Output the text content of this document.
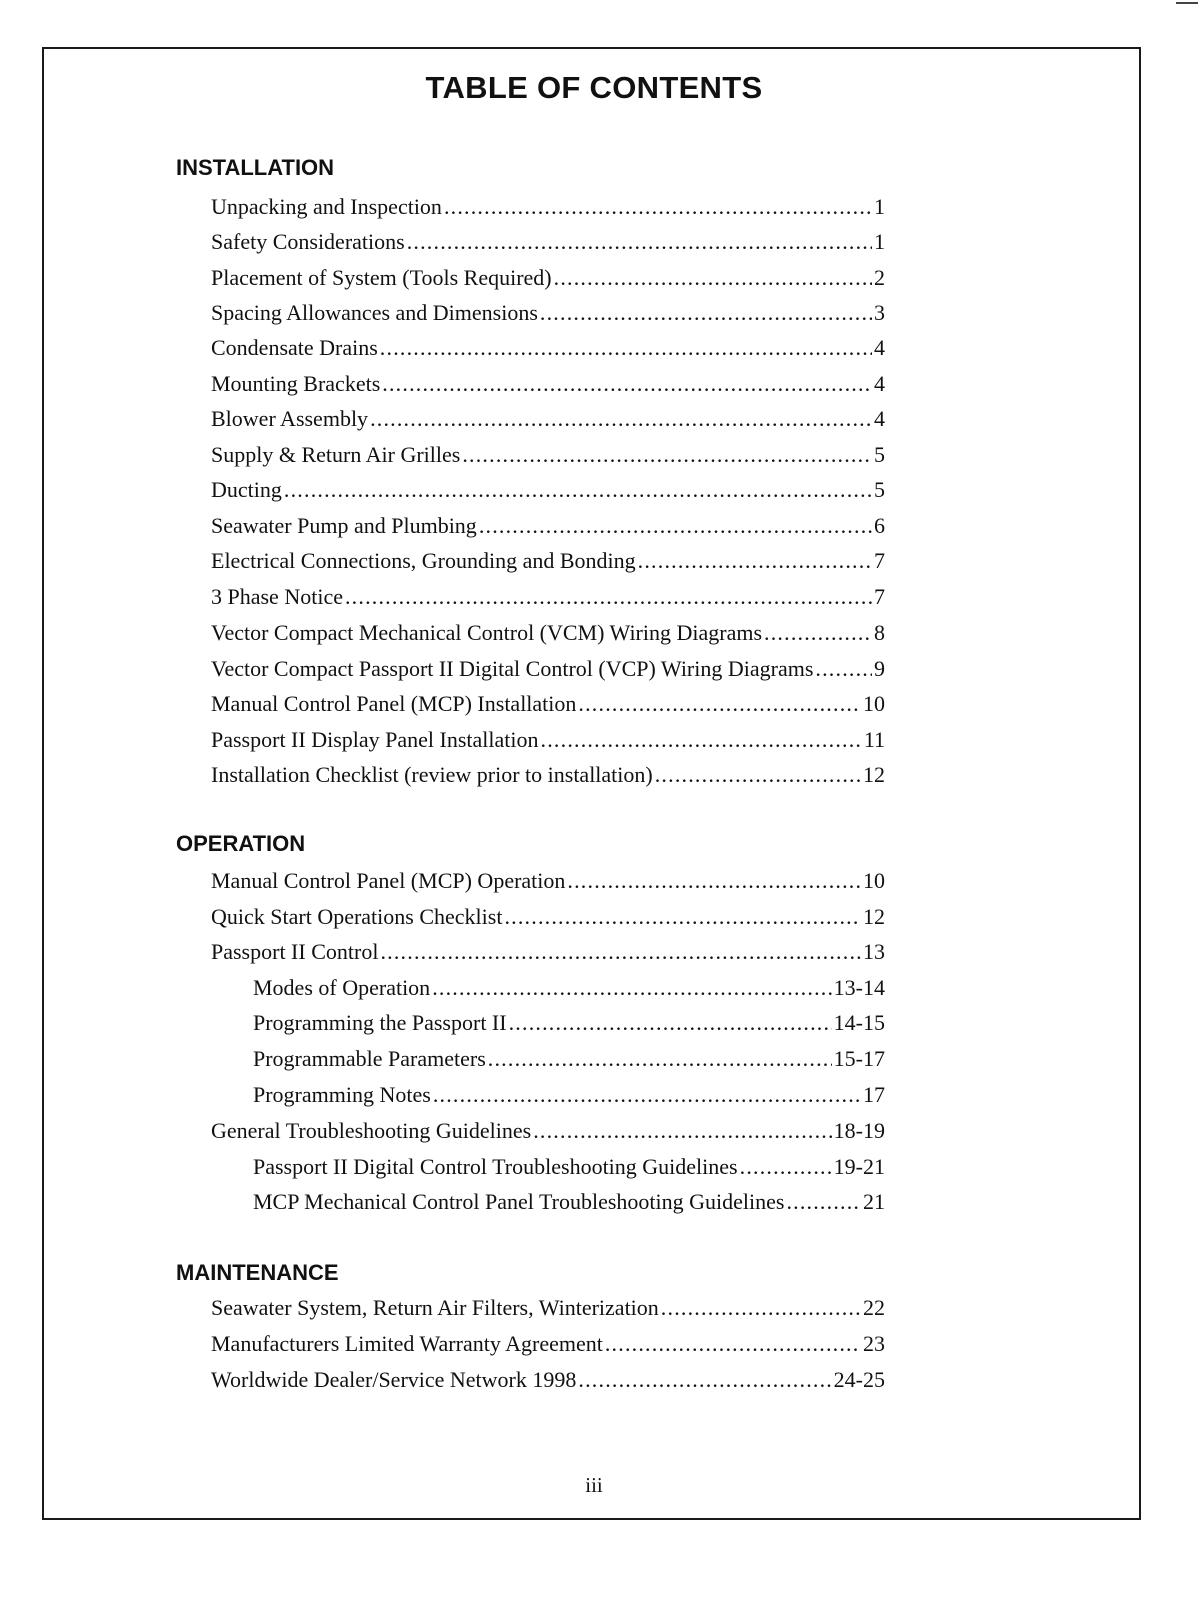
TABLE OF CONTENTS
INSTALLATION
Unpacking and Inspection .....	1
Safety Considerations .....	1
Placement of System (Tools Required) .....	2
Spacing Allowances and Dimensions .....	3
Condensate Drains .....	4
Mounting Brackets .....	4
Blower Assembly .....	4
Supply & Return Air Grilles .....	5
Ducting .....	5
Seawater Pump and Plumbing .....	6
Electrical Connections, Grounding and Bonding .....	7
3 Phase Notice .....	7
Vector Compact Mechanical Control (VCM) Wiring Diagrams .....	8
Vector Compact Passport II Digital Control (VCP) Wiring Diagrams .....	9
Manual Control Panel (MCP) Installation .....	10
Passport II Display Panel Installation .....	11
Installation Checklist (review prior to installation) .....	12
OPERATION
Manual Control Panel (MCP) Operation .....	10
Quick Start Operations Checklist .....	12
Passport II Control .....	13
Modes of Operation .....	13-14
Programming the Passport II .....	14-15
Programmable Parameters .....	15-17
Programming Notes .....	17
General Troubleshooting Guidelines .....	18-19
Passport II Digital Control Troubleshooting Guidelines .....	19-21
MCP Mechanical Control Panel Troubleshooting Guidelines .....	21
MAINTENANCE
Seawater System, Return Air Filters, Winterization .....	22
Manufacturers Limited Warranty Agreement .....	23
Worldwide Dealer/Service Network 1998 .....	24-25
iii
